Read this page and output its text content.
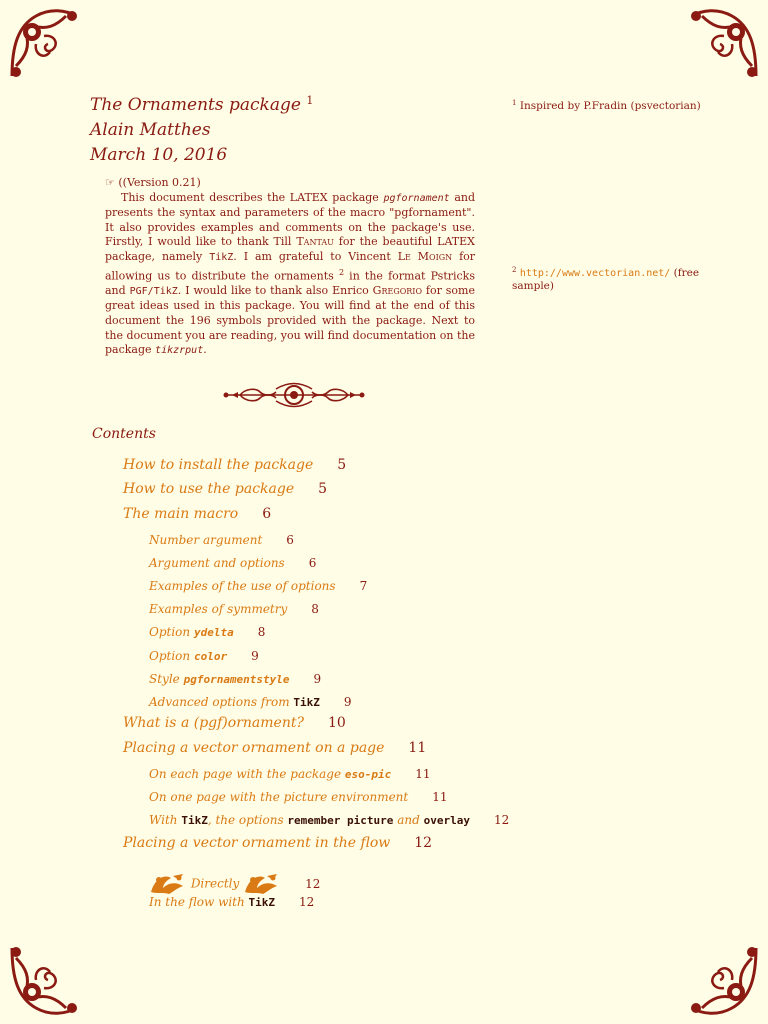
The Ornaments package $^1$
Alain Matthes
March 10, 2016
$^1$ Inspired by P.Fradin (psvectorian)
$^2$ http://www.vectorian.net/ (free sample)
☞ ((Version 0.21)
This document describes the LATEX package pgfornament and presents the syntax and parameters of the macro "pgfornament". It also provides examples and comments on the package's use. Firstly, I would like to thank Till Tantau for the beautiful LATEX package, namely TikZ. I am grateful to Vincent Le Moign for allowing us to distribute the ornaments $^2$ in the format Pstricks and PGF/TikZ. I would like to thank also Enrico Gregorio for some great ideas used in this package. You will find at the end of this document the 196 symbols provided with the package. Next to the document you are reading, you will find documentation on the package tikzrput.
Contents
How to install the package 5
How to use the package 5
The main macro 6
Number argument 6
Argument and options 6
Examples of the use of options 7
Examples of symmetry 8
Option ydelta 8
Option color 9
Style pgfornamentstyle 9
Advanced options from TikZ 9
What is a (pgf)ornament? 10
Placing a vector ornament on a page 11
On each page with the package eso-pic 11
On one page with the picture environment 11
With TikZ, the options remember picture and overlay 12
Placing a vector ornament in the flow 12
Directly	12
In the flow with TikZ 12
